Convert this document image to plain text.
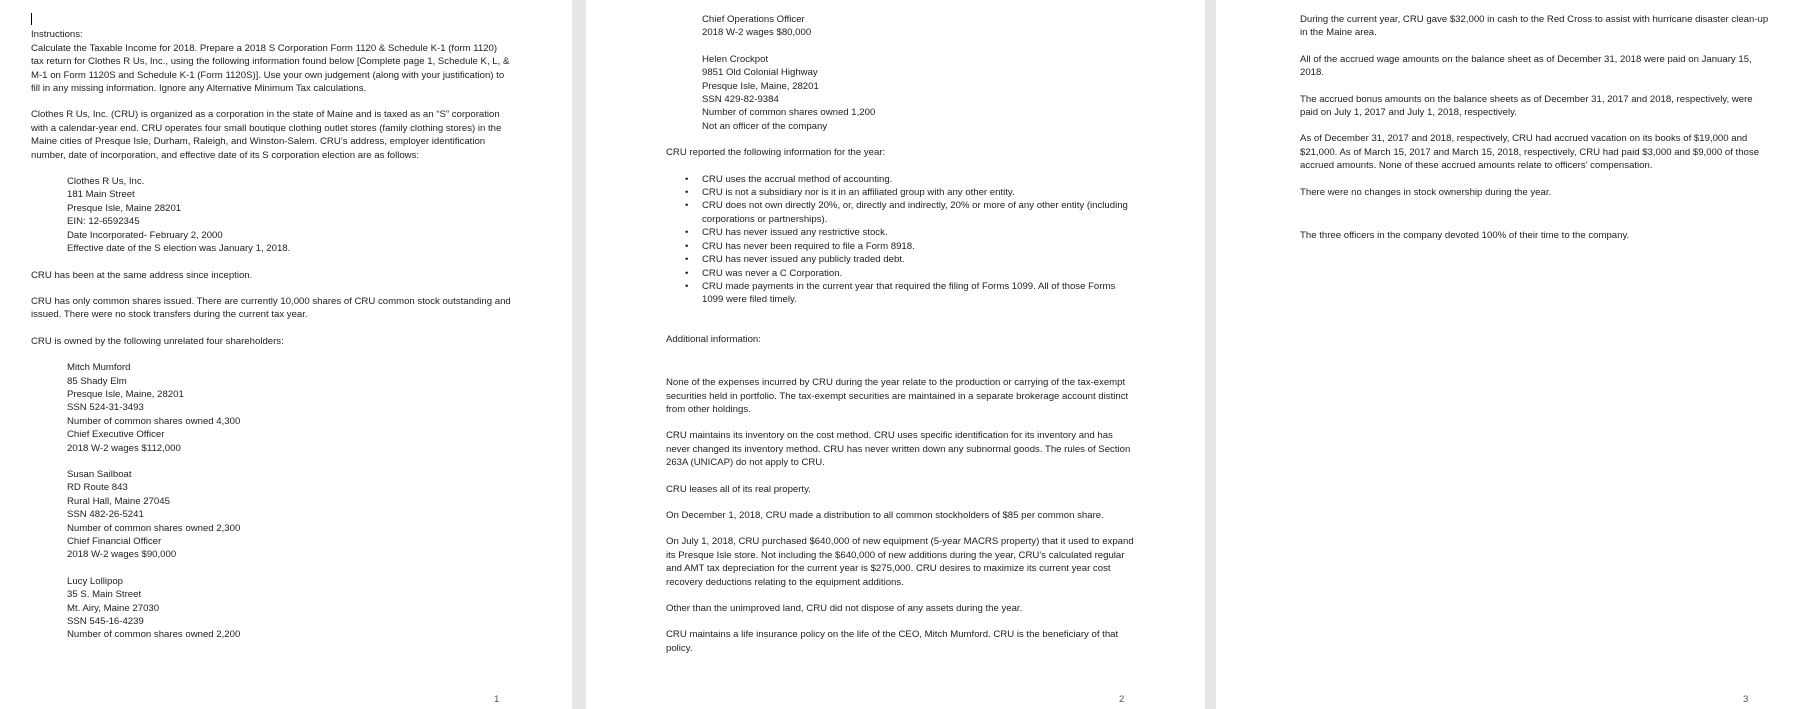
Instructions:

Calculate the Taxable Income for 2018. Prepare a 2018 S Corporation Form 1120 & Schedule K-1 (form 1120) tax return for Clothes R Us, Inc., using the following information found below [Complete page 1, Schedule K, L, & M-1 on Form 1120S and Schedule K-1 (Form 1120S)]. Use your own judgement (along with your justification) to fill in any missing information. Ignore any Alternative Minimum Tax calculations.

Clothes R Us, Inc. (CRU) is organized as a corporation in the state of Maine and is taxed as an “S” corporation with a calendar-year end. CRU operates four small boutique clothing outlet stores (family clothing stores) in the Maine cities of Presque Isle, Durham, Raleigh, and Winston-Salem. CRU’s address, employer identification number, date of incorporation, and effective date of its S corporation election are as follows:

Clothes R Us, Inc.
181 Main Street
Presque Isle, Maine 28201
EIN: 12-6592345
Date Incorporated- February 2, 2000
Effective date of the S election was January 1, 2018.

CRU has been at the same address since inception.

CRU has only common shares issued. There are currently 10,000 shares of CRU common stock outstanding and issued. There were no stock transfers during the current tax year.

CRU is owned by the following unrelated four shareholders:

Mitch Mumford
85 Shady Elm
Presque Isle, Maine, 28201
SSN 524-31-3493
Number of common shares owned 4,300
Chief Executive Officer
2018 W-2 wages $112,000
Susan Sailboat
RD Route 843
Rural Hall, Maine 27045
SSN 482-26-5241
Number of common shares owned 2,300
Chief Financial Officer
2018 W-2 wages $90,000
Lucy Lollipop
35 S. Main Street
Mt. Airy, Maine 27030
SSN 545-16-4239
Number of common shares owned 2,200
1
Chief Operations Officer
2018 W-2 wages $80,000
Helen Crockpot
9851 Old Colonial Highway
Presque Isle, Maine, 28201
SSN 429-82-9384
Number of common shares owned 1,200
Not an officer of the company

CRU reported the following information for the year:

• CRU uses the accrual method of accounting.
• CRU is not a subsidiary nor is it in an affiliated group with any other entity.
• CRU does not own directly 20%, or, directly and indirectly, 20% or more of any other entity (including corporations or partnerships).
• CRU has never issued any restrictive stock.
• CRU has never been required to file a Form 8918.
• CRU has never issued any publicly traded debt.
• CRU was never a C Corporation.
• CRU made payments in the current year that required the filing of Forms 1099. All of those Forms 1099 were filed timely.

Additional information:

None of the expenses incurred by CRU during the year relate to the production or carrying of the tax-exempt securities held in portfolio. The tax-exempt securities are maintained in a separate brokerage account distinct from other holdings.

CRU maintains its inventory on the cost method. CRU uses specific identification for its inventory and has never changed its inventory method. CRU has never written down any subnormal goods. The rules of Section 263A (UNICAP) do not apply to CRU.

CRU leases all of its real property.

On December 1, 2018, CRU made a distribution to all common stockholders of $85 per common share.

On July 1, 2018, CRU purchased $640,000 of new equipment (5-year MACRS property) that it used to expand its Presque Isle store. Not including the $640,000 of new additions during the year, CRU’s calculated regular and AMT tax depreciation for the current year is $275,000. CRU desires to maximize its current year cost recovery deductions relating to the equipment additions.

Other than the unimproved land, CRU did not dispose of any assets during the year.

CRU maintains a life insurance policy on the life of the CEO, Mitch Mumford. CRU is the beneficiary of that policy.

2

During the current year, CRU gave $32,000 in cash to the Red Cross to assist with hurricane disaster clean-up in the Maine area.

All of the accrued wage amounts on the balance sheet as of December 31, 2018 were paid on January 15, 2018.

The accrued bonus amounts on the balance sheets as of December 31, 2017 and 2018, respectively, were paid on July 1, 2017 and July 1, 2018, respectively.

As of December 31, 2017 and 2018, respectively, CRU had accrued vacation on its books of $19,000 and $21,000. As of March 15, 2017 and March 15, 2018, respectively, CRU had paid $3,000 and $9,000 of those accrued amounts. None of these accrued amounts relate to officers’ compensation.

There were no changes in stock ownership during the year.

The three officers in the company devoted 100% of their time to the company.

3
